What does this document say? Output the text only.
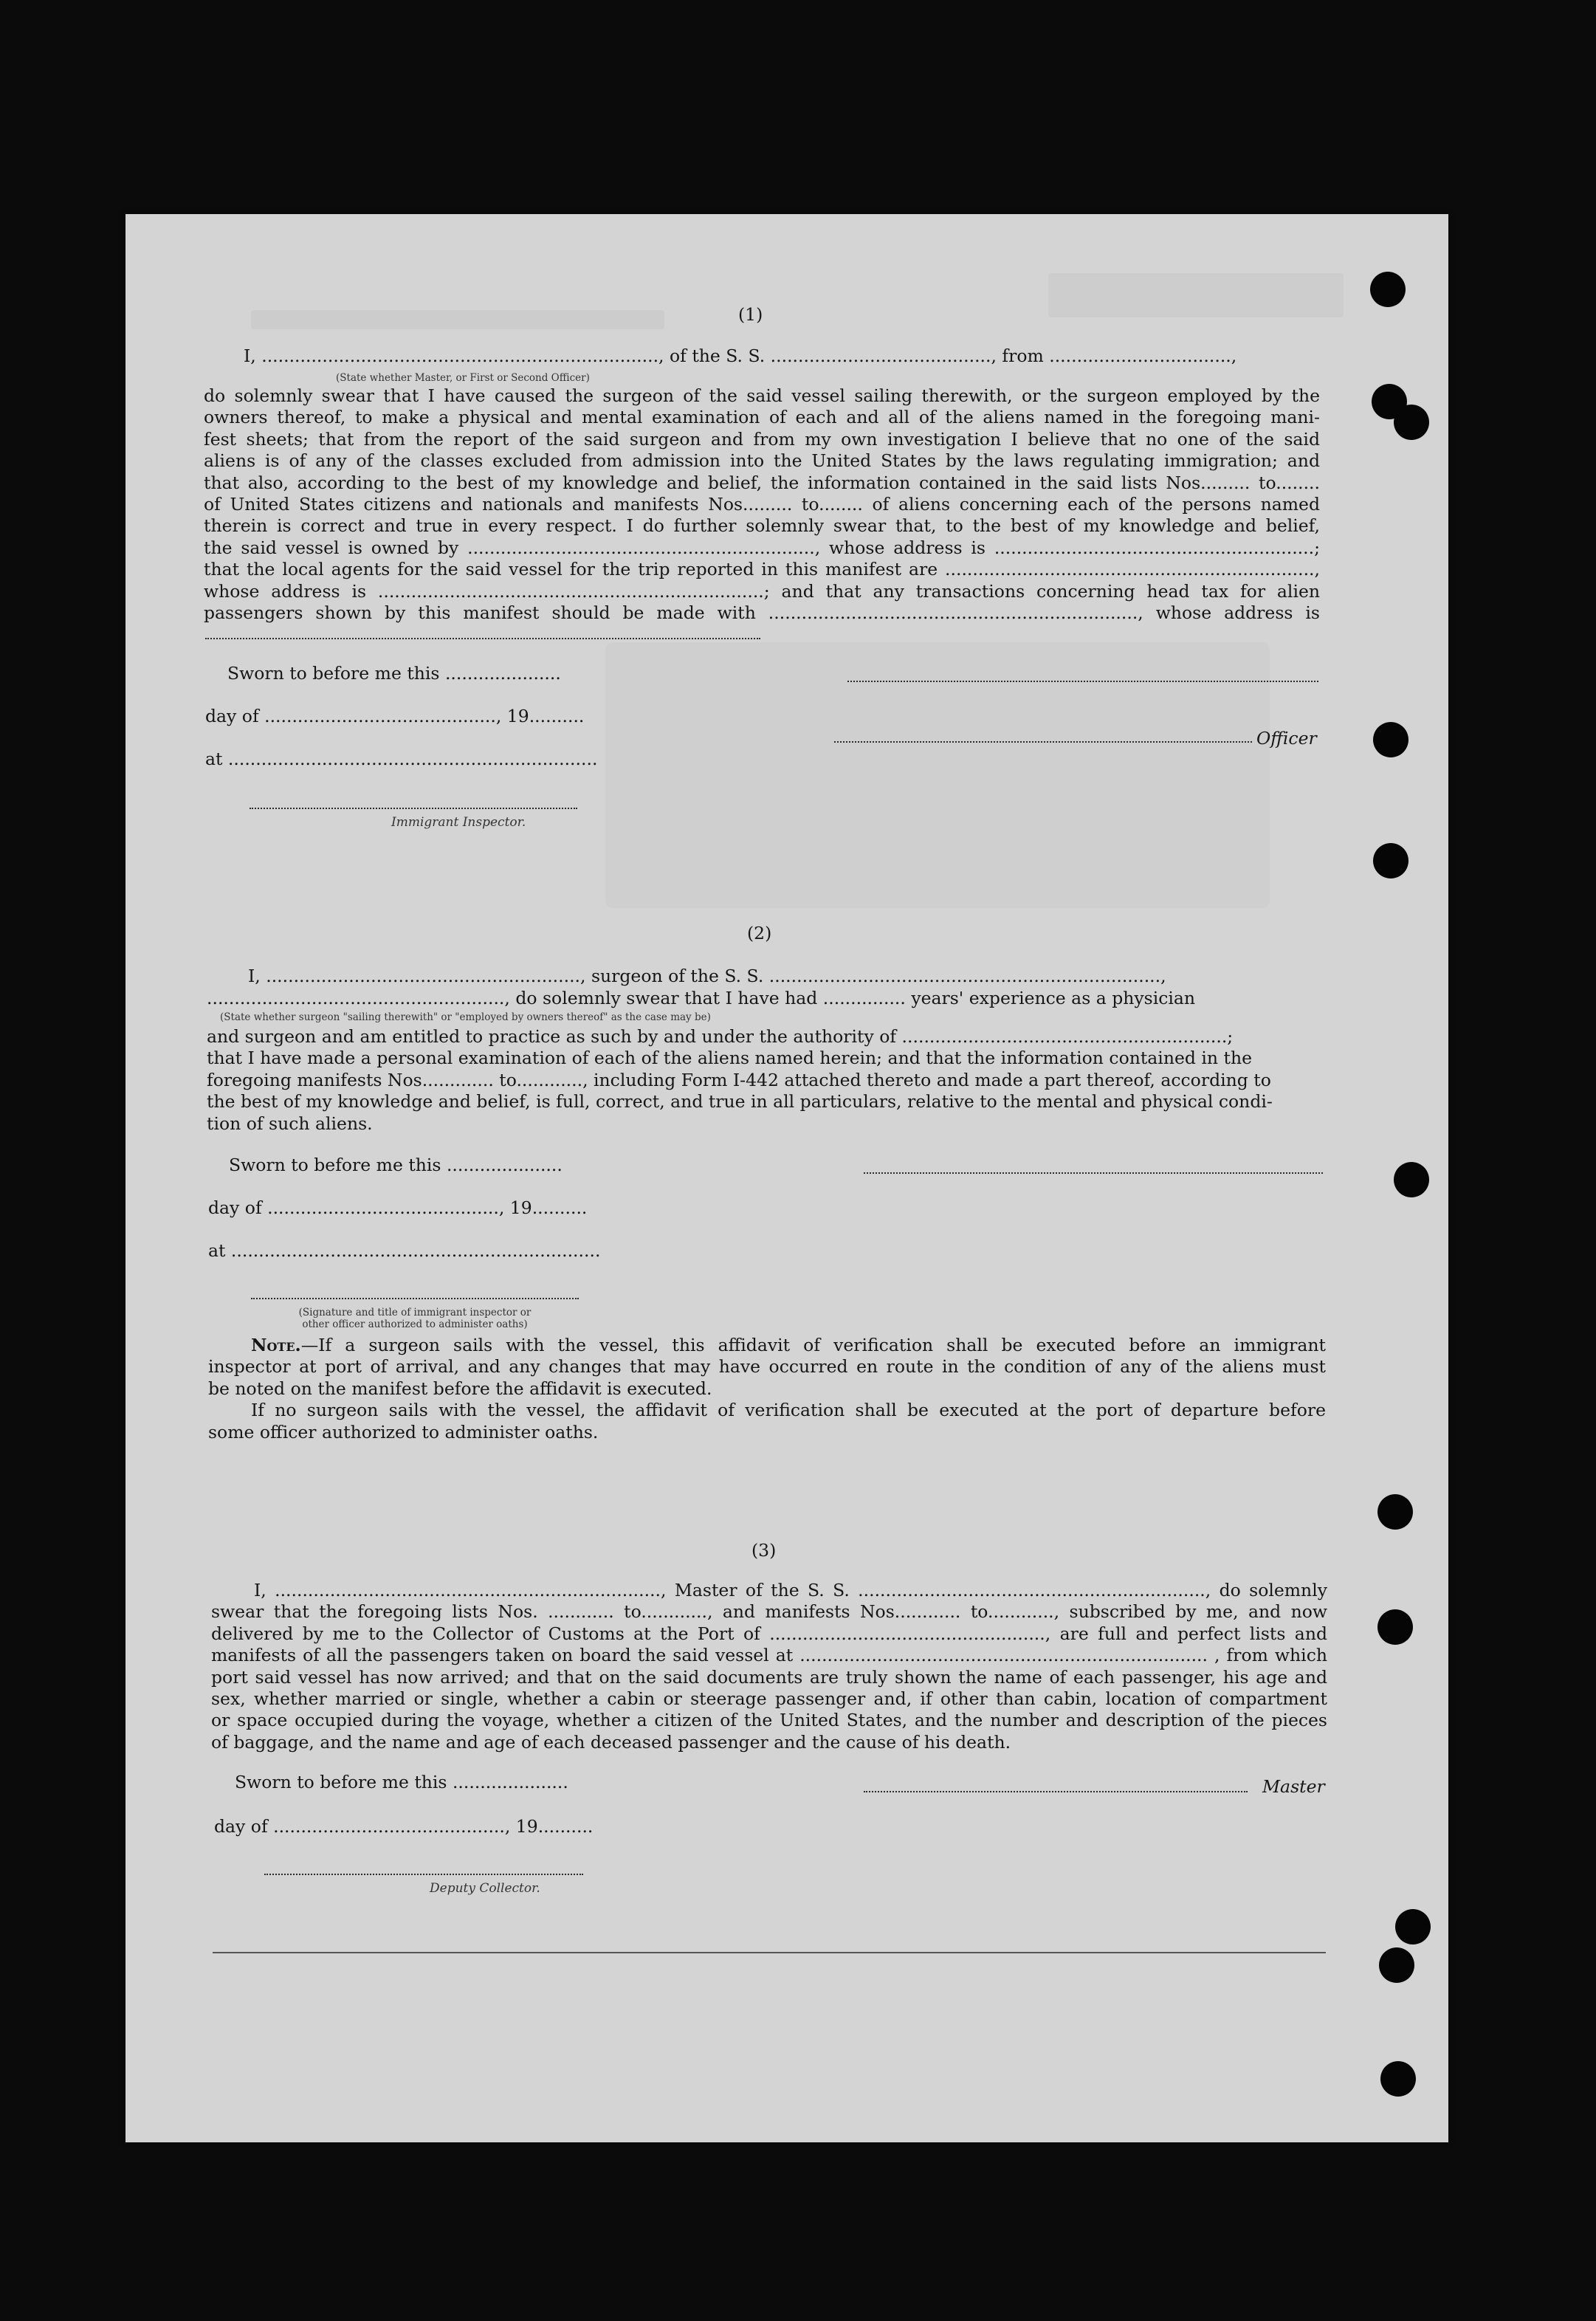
(1)
I, ........................................................................, of the S. S. ........................................, from .................................,
(State whether Master, or First or Second Officer)
do solemnly swear that I have caused the surgeon of the said vessel sailing therewith, or the surgeon employed by the
owners thereof, to make a physical and mental examination of each and all of the aliens named in the foregoing mani-
fest sheets; that from the report of the said surgeon and from my own investigation I believe that no one of the said
aliens is of any of the classes excluded from admission into the United States by the laws regulating immigration; and
that also, according to the best of my knowledge and belief, the information contained in the said lists Nos......... to........
of United States citizens and nationals and manifests Nos......... to........ of aliens concerning each of the persons named
therein is correct and true in every respect. I do further solemnly swear that, to the best of my knowledge and belief,
the said vessel is owned by ..............................................................., whose address is ..........................................................;
that the local agents for the said vessel for the trip reported in this manifest are ...................................................................,
whose address is ......................................................................; and that any transactions concerning head tax for alien
passengers shown by this manifest should be made with ..................................................................., whose address is
Sworn to before me this .....................
day of .........................................., 19..........
at ...................................................................
Immigrant Inspector.
Officer
(2)
I, ........................................................., surgeon of the S. S. .......................................................................,
......................................................, do solemnly swear that I have had ............... years' experience as a physician
(State whether surgeon "sailing therewith" or "employed by owners thereof" as the case may be)
and surgeon and am entitled to practice as such by and under the authority of ...........................................................;
that I have made a personal examination of each of the aliens named herein; and that the information contained in the
foregoing manifests Nos............. to............, including Form I-442 attached thereto and made a part thereof, according to
the best of my knowledge and belief, is full, correct, and true in all particulars, relative to the mental and physical condi-
tion of such aliens.
Sworn to before me this .....................
day of .........................................., 19..........
at ...................................................................
(Signature and title of immigrant inspector or
other officer authorized to administer oaths)
Note.—If a surgeon sails with the vessel, this affidavit of verification shall be executed before an immigrant
inspector at port of arrival, and any changes that may have occurred en route in the condition of any of the aliens must
be noted on the manifest before the affidavit is executed.
If no surgeon sails with the vessel, the affidavit of verification shall be executed at the port of departure before
some officer authorized to administer oaths.
(3)
I, ......................................................................, Master of the S. S. ..............................................................., do solemnly
swear that the foregoing lists Nos. ............ to............, and manifests Nos............ to............, subscribed by me, and now
delivered by me to the Collector of Customs at the Port of .................................................., are full and perfect lists and
manifests of all the passengers taken on board the said vessel at .......................................................................... , from which
port said vessel has now arrived; and that on the said documents are truly shown the name of each passenger, his age and
sex, whether married or single, whether a cabin or steerage passenger and, if other than cabin, location of compartment
or space occupied during the voyage, whether a citizen of the United States, and the number and description of the pieces
of baggage, and the name and age of each deceased passenger and the cause of his death.
Sworn to before me this .....................	Master
day of .........................................., 19..........
Deputy Collector.
